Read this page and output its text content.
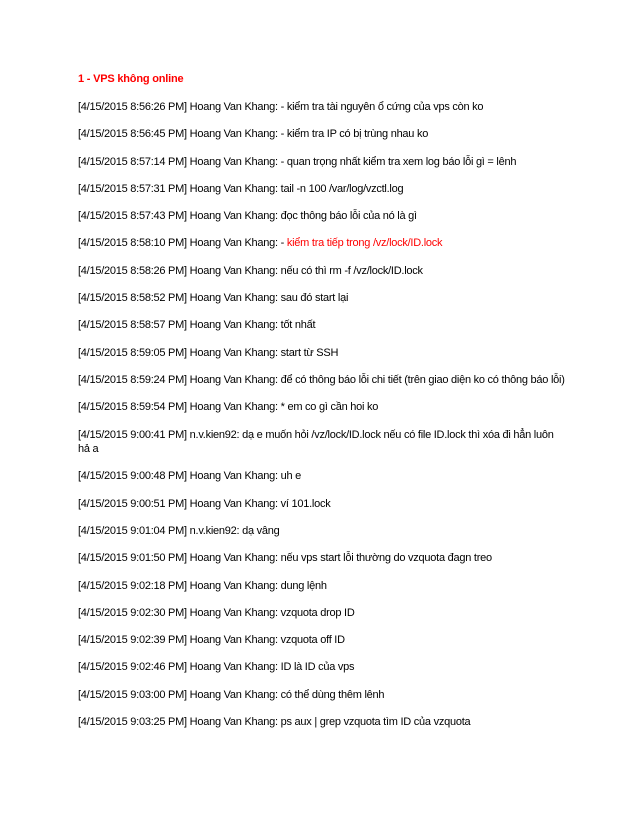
1 - VPS không online
[4/15/2015 8:56:26 PM] Hoang Van Khang: - kiểm tra tài nguyên ổ cứng của vps còn ko
[4/15/2015 8:56:45 PM] Hoang Van Khang: - kiểm tra IP có bị trùng nhau ko
[4/15/2015 8:57:14 PM] Hoang Van Khang: - quan trọng nhất kiểm tra xem log báo lỗi gì = lênh
[4/15/2015 8:57:31 PM] Hoang Van Khang: tail -n 100 /var/log/vzctl.log
[4/15/2015 8:57:43 PM] Hoang Van Khang: đọc thông báo lỗi của nó là gì
[4/15/2015 8:58:10 PM] Hoang Van Khang: - kiểm tra tiếp trong /vz/lock/ID.lock
[4/15/2015 8:58:26 PM] Hoang Van Khang: nếu có thì rm -f /vz/lock/ID.lock
[4/15/2015 8:58:52 PM] Hoang Van Khang: sau đó start lại
[4/15/2015 8:58:57 PM] Hoang Van Khang: tốt nhất
[4/15/2015 8:59:05 PM] Hoang Van Khang: start từ SSH
[4/15/2015 8:59:24 PM] Hoang Van Khang: để có thông báo lỗi chi tiết (trên giao diện ko có thông báo lỗi)
[4/15/2015 8:59:54 PM] Hoang Van Khang: * em co gì cần hoi ko
[4/15/2015 9:00:41 PM] n.v.kien92: dạ e muốn hỏi /vz/lock/ID.lock nếu có file ID.lock thì xóa đi hẳn luôn hả a
[4/15/2015 9:00:48 PM] Hoang Van Khang: uh e
[4/15/2015 9:00:51 PM] Hoang Van Khang: ví 101.lock
[4/15/2015 9:01:04 PM] n.v.kien92: dạ vâng
[4/15/2015 9:01:50 PM] Hoang Van Khang: nếu vps start lỗi thường do vzquota đagn treo
[4/15/2015 9:02:18 PM] Hoang Van Khang: dung lệnh
[4/15/2015 9:02:30 PM] Hoang Van Khang: vzquota drop ID
[4/15/2015 9:02:39 PM] Hoang Van Khang: vzquota off ID
[4/15/2015 9:02:46 PM] Hoang Van Khang: ID là ID của vps
[4/15/2015 9:03:00 PM] Hoang Van Khang: có thể dùng thêm lênh
[4/15/2015 9:03:25 PM] Hoang Van Khang: ps aux | grep vzquota tìm ID của vzquota
